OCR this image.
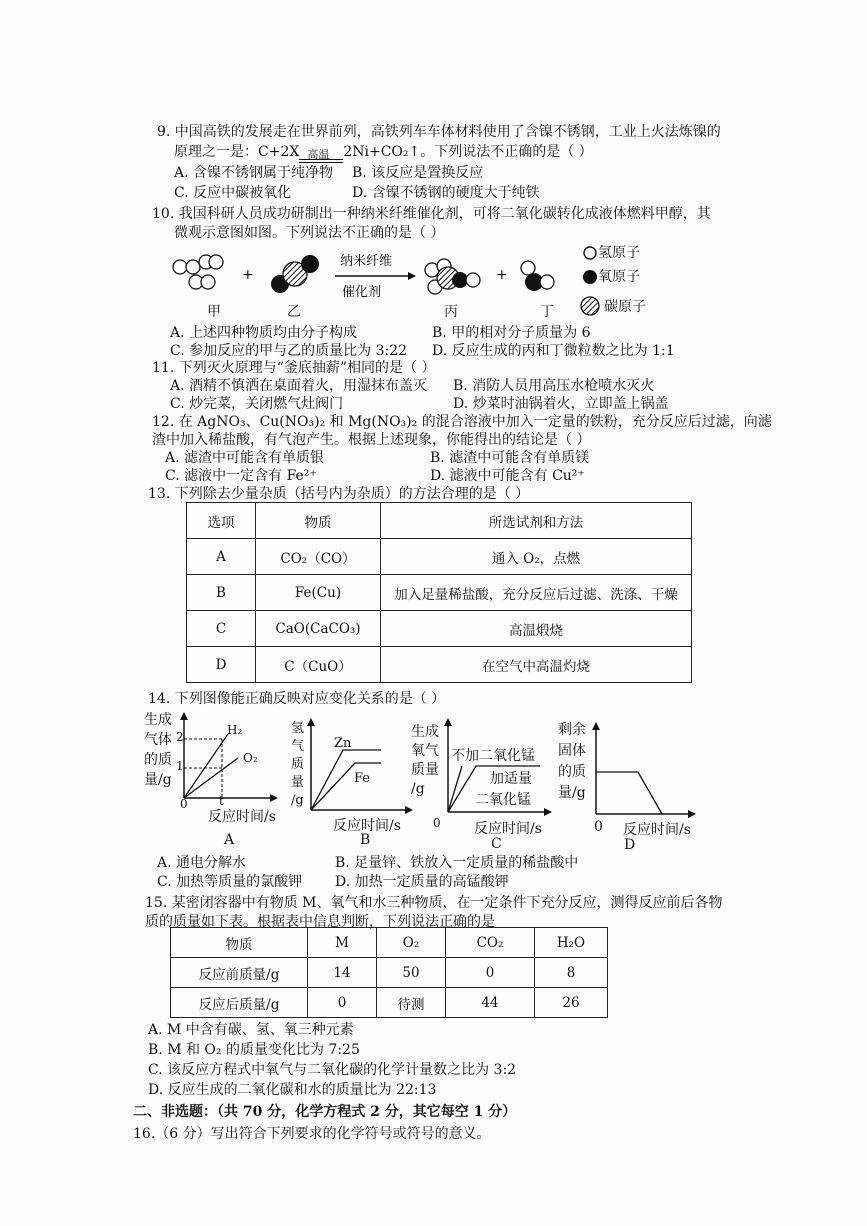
9. 中国高铁的发展走在世界前列，高铁列车车体材料使用了含镍不锈钢，工业上火法炼镍的
原理之一是：C+2X 高温 2Ni+CO₂↑。下列说法不正确的是（ ）
A. 含镍不锈钢属于纯净物 B. 该反应是置换反应
C. 反应中碳被氧化	D. 含镍不锈钢的硬度大于纯铁
10. 我国科研人员成功研制出一种纳米纤维催化剂，可将二氧化碳转化成液体燃料甲醇，其
微观示意图如图。下列说法不正确的是（ ）
+
纳米纤维
催化剂
+
氢原子
氧原子
碳原子
甲	乙	丙	丁
A. 上述四种物质均由分子构成	B. 甲的相对分子质量为 6
C. 参加反应的甲与乙的质量比为 3:22 D. 反应生成的丙和丁微粒数之比为 1:1
11. 下列灭火原理与“釜底抽薪”相同的是（ ）
A. 酒精不慎洒在桌面着火，用湿抹布盖灭 B. 消防人员用高压水枪喷水灭火
C. 炒完菜，关闭燃气灶阀门	D. 炒菜时油锅着火，立即盖上锅盖
12. 在 AgNO₃、Cu(NO₃)₂ 和 Mg(NO₃)₂ 的混合溶液中加入一定量的铁粉，充分反应后过滤，向滤
渣中加入稀盐酸，有气泡产生。根据上述现象，你能得出的结论是（ ）
A. 滤渣中可能含有单质银	B. 滤渣中可能含有单质镁
C. 滤液中一定含有 Fe²⁺	D. 滤液中可能含有 Cu²⁺
13. 下列除去少量杂质（括号内为杂质）的方法合理的是（ ）
选项	物质	所选试剂和方法
A	CO₂（CO）	通入 O₂，点燃
B	Fe(Cu)	加入足量稀盐酸，充分反应后过滤、洗涤、干燥
C	CaO(CaCO₃)	高温煅烧
D	C（CuO）	在空气中高温灼烧
14. 下列图像能正确反映对应变化关系的是（ ）
生成
气体
的质
量/g
H₂
O₂
2
1
0	t
反应时间/s
A
氢
气
质
量
/g
Zn
Fe
反应时间/s
B
生成
氧气
质量
/g
不加二氧化锰
加适量
二氧化锰
0 反应时间/s
C
剩余
固体
的质
量/g
0 反应时间/s
D
A. 通电分解水	B. 足量锌、铁放入一定质量的稀盐酸中
C. 加热等质量的氯酸钾 D. 加热一定质量的高锰酸钾
15. 某密闭容器中有物质 M、氧气和水三种物质，在一定条件下充分反应，测得反应前后各物
质的质量如下表。根据表中信息判断，下列说法正确的是
物质	M	O₂	CO₂	H₂O
反应前质量/g	14	50	0	8
反应后质量/g	0	待测	44	26
A. M 中含有碳、氢、氧三种元素
B. M 和 O₂ 的质量变化比为 7:25
C. 该反应方程式中氧气与二氧化碳的化学计量数之比为 3:2
D. 反应生成的二氧化碳和水的质量比为 22:13
二、非选题：（共 70 分，化学方程式 2 分，其它每空 1 分）
16.（6 分）写出符合下列要求的化学符号或符号的意义。
